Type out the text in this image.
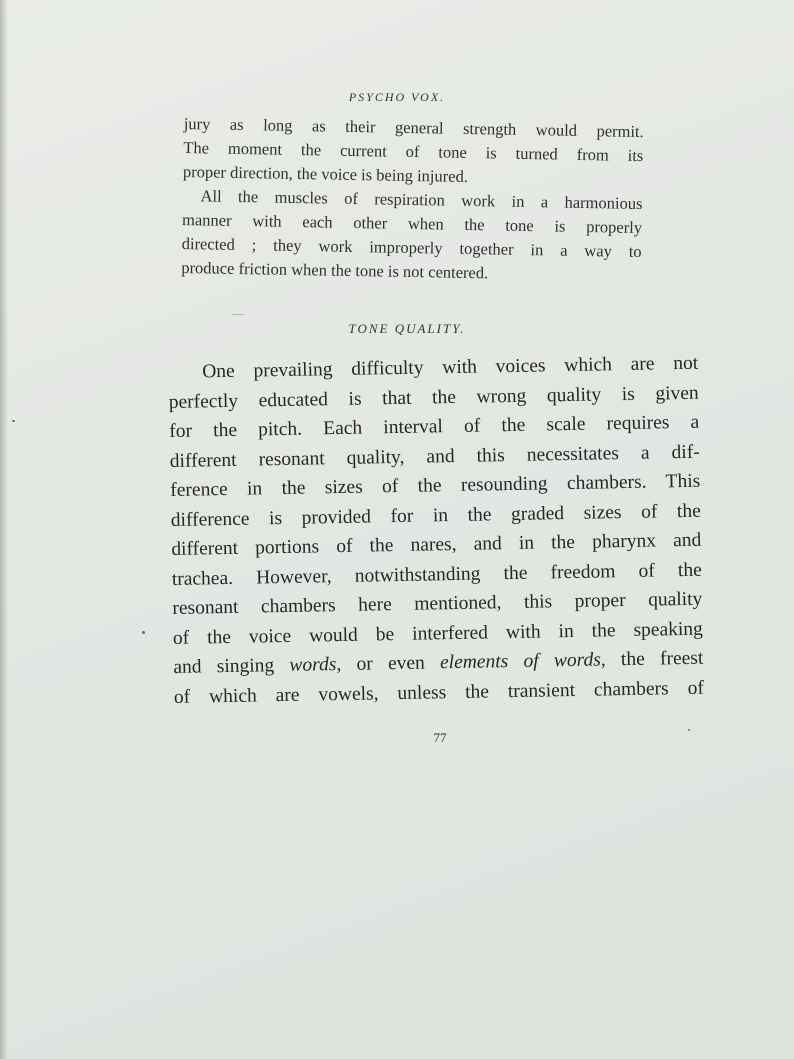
PSYCHO VOX.
jury as long as their general strength would permit.
The moment the current of tone is turned from its
proper direction, the voice is being injured.
All the muscles of respiration work in a harmonious
manner with each other when the tone is properly
directed ; they work improperly together in a way to
produce friction when the tone is not centered.
TONE QUALITY.
One prevailing difficulty with voices which are not
perfectly educated is that the wrong quality is given
for the pitch. Each interval of the scale requires a
different resonant quality, and this necessitates a dif-
ference in the sizes of the resounding chambers. This
difference is provided for in the graded sizes of the
different portions of the nares, and in the pharynx and
trachea. However, notwithstanding the freedom of the
resonant chambers here mentioned, this proper quality
of the voice would be interfered with in the speaking
and singing words, or even elements of words, the freest
of which are vowels, unless the transient chambers of
77
